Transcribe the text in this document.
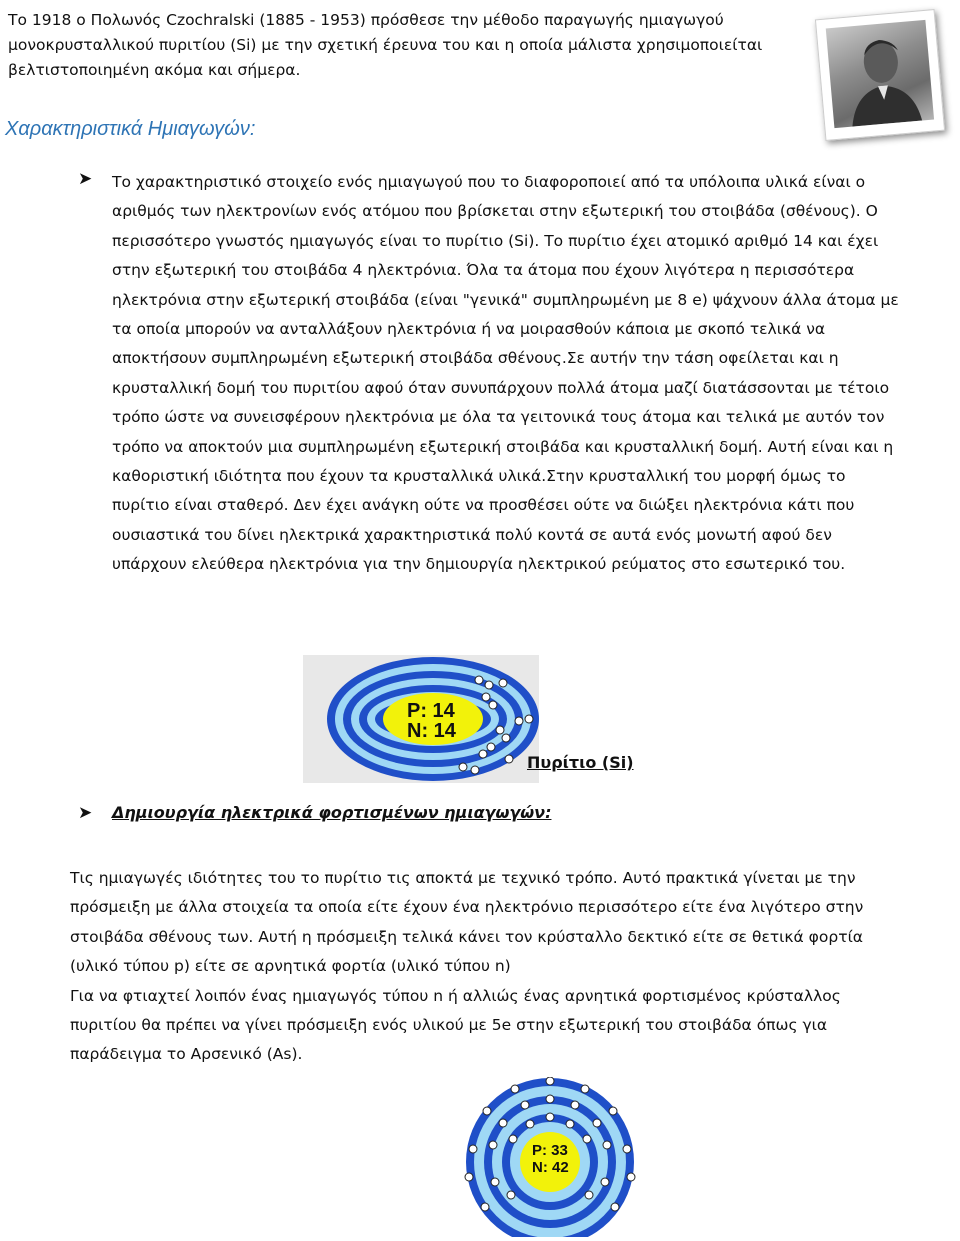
Το 1918 ο Πολωνός Czochralski (1885 - 1953) πρόσθεσε την μέθοδο παραγωγής ημιαγωγού μονοκρυσταλλικού πυριτίου (Si) με την σχετική έρευνα του και η οποία μάλιστα χρησιμοποιείται βελτιστοποιημένη ακόμα και σήμερα.
Χαρακτηριστικά Ημιαγωγών:
➤ Το χαρακτηριστικό στοιχείο ενός ημιαγωγού που το διαφοροποιεί από τα υπόλοιπα υλικά είναι ο αριθμός των ηλεκτρονίων ενός ατόμου που βρίσκεται στην εξωτερική του στοιβάδα (σθένους). Ο περισσότερο γνωστός ημιαγωγός είναι το πυρίτιο (Si). Το πυρίτιο έχει ατομικό αριθμό 14 και έχει στην εξωτερική του στοιβάδα 4 ηλεκτρόνια. Όλα τα άτομα που έχουν λιγότερα η περισσότερα ηλεκτρόνια στην εξωτερική στοιβάδα (είναι "γενικά" συμπληρωμένη με 8 e) ψάχνουν άλλα άτομα με τα οποία μπορούν να ανταλλάξουν ηλεκτρόνια ή να μοιρασθούν κάποια με σκοπό τελικά να αποκτήσουν συμπληρωμένη εξωτερική στοιβάδα σθένους.Σε αυτήν την τάση οφείλεται και η κρυσταλλική δομή του πυριτίου αφού όταν συνυπάρχουν πολλά άτομα μαζί διατάσσονται με τέτοιο τρόπο ώστε να συνεισφέρουν ηλεκτρόνια με όλα τα γειτονικά τους άτομα και τελικά με αυτόν τον τρόπο να αποκτούν μια συμπληρωμένη εξωτερική στοιβάδα και κρυσταλλική δομή. Αυτή είναι και η καθοριστική ιδιότητα που έχουν τα κρυσταλλικά υλικά.Στην κρυσταλλική του μορφή όμως το πυρίτιο είναι σταθερό. Δεν έχει ανάγκη ούτε να προσθέσει ούτε να διώξει ηλεκτρόνια κάτι που ουσιαστικά του δίνει ηλεκτρικά χαρακτηριστικά πολύ κοντά σε αυτά ενός μονωτή αφού δεν υπάρχουν ελεύθερα ηλεκτρόνια για την δημιουργία ηλεκτρικού ρεύματος στο εσωτερικό του.
P: 14
N: 14
Πυρίτιο (Si)
➤ Δημιουργία ηλεκτρικά φορτισμένων ημιαγωγών:

Τις ημιαγωγές ιδιότητες του το πυρίτιο τις αποκτά με τεχνικό τρόπο. Αυτό πρακτικά γίνεται με την πρόσμειξη με άλλα στοιχεία τα οποία είτε έχουν ένα ηλεκτρόνιο περισσότερο είτε ένα λιγότερο στην στοιβάδα σθένους των. Αυτή η πρόσμειξη τελικά κάνει τον κρύσταλλο δεκτικό είτε σε θετικά φορτία (υλικό τύπου p) είτε σε αρνητικά φορτία (υλικό τύπου n)

Για να φτιαχτεί λοιπόν ένας ημιαγωγός τύπου n ή αλλιώς ένας αρνητικά φορτισμένος κρύσταλλος πυριτίου θα πρέπει να γίνει πρόσμειξη ενός υλικού με 5e στην εξωτερική του στοιβάδα όπως για παράδειγμα το Αρσενικό (As).

P: 33
N: 42
